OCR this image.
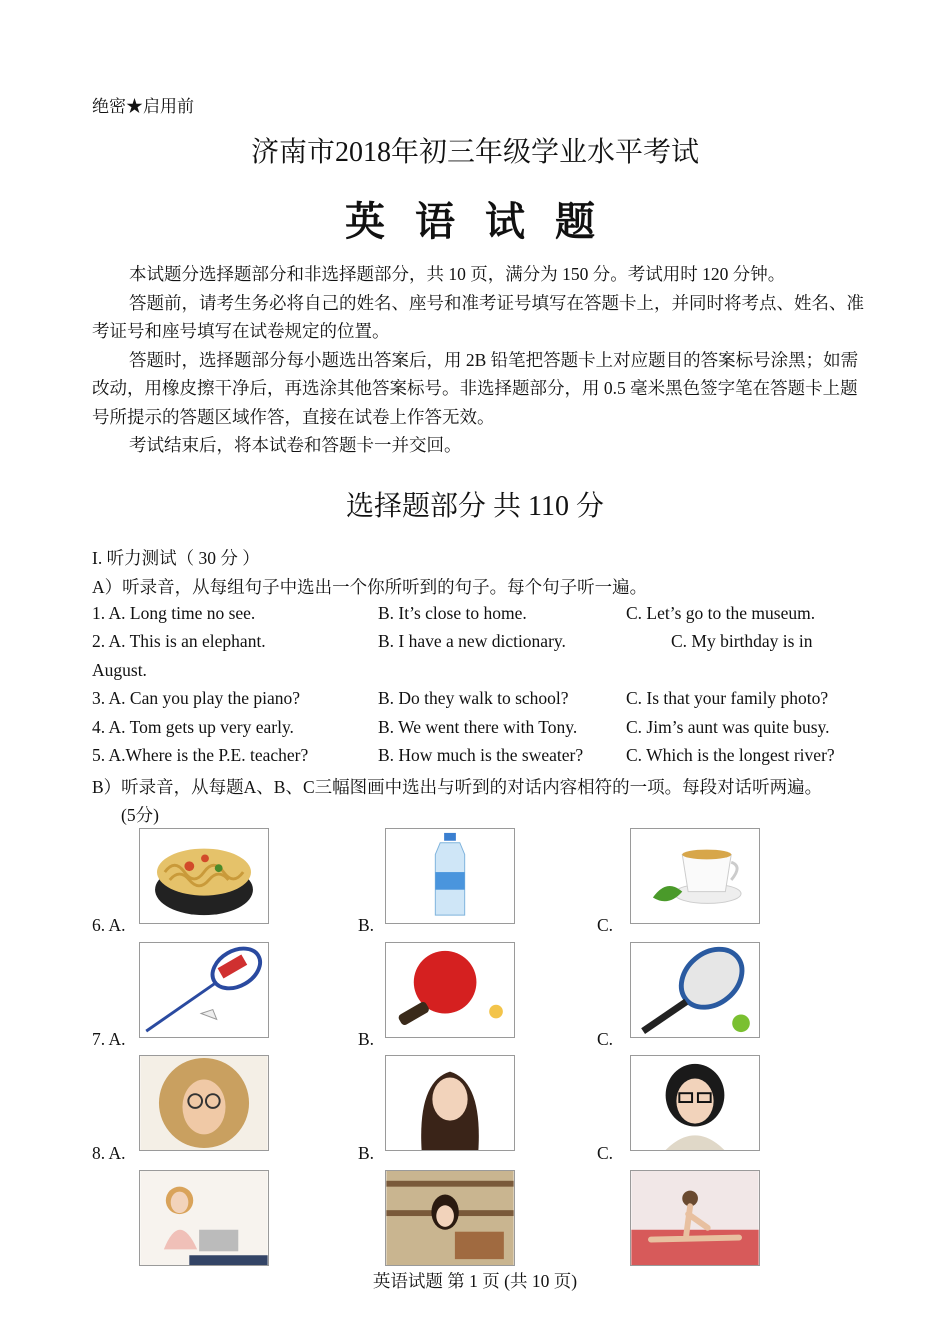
绝密★启用前
济南市2018年初三年级学业水平考试
英 语 试 题

本试题分选择题部分和非选择题部分，共 10 页，满分为 150 分。考试用时 120 分钟。

答题前，请考生务必将自己的姓名、座号和准考证号填写在答题卡上，并同时将考点、姓名、准考证号和座号填写在试卷规定的位置。

答题时，选择题部分每小题选出答案后，用 2B 铅笔把答题卡上对应题目的答案标号涂黑；如需改动，用橡皮擦干净后，再选涂其他答案标号。非选择题部分，用 0.5 毫米黑色签字笔在答题卡上题号所提示的答题区域作答，直接在试卷上作答无效。

考试结束后，将本试卷和答题卡一并交回。

选择题部分 共 110 分
I. 听力测试（ 30 分 ）
A）听录音，从每组句子中选出一个你所听到的句子。每个句子听一遍。
1. A. Long time no see.	B. It’s close to home.	C. Let’s go to the museum.
2. A. This is an elephant.	B. I have a new dictionary.	C. My birthday is in
August.
3. A. Can you play the piano?	B. Do they walk to school?	C. Is that your family photo?
4. A. Tom gets up very early.	B. We went there with Tony.	C. Jim’s aunt was quite busy.
5. A.Where is the P.E. teacher?	B. How much is the sweater? C. Which is the longest river?
B）听录音，从每题A、B、C三幅图画中选出与听到的对话内容相符的一项。每段对话听两遍。
(5分)
6. A.	B.	C.
7. A.	B.	C.
8. A.	B.	C.
英语试题 第 1 页 (共 10 页)
